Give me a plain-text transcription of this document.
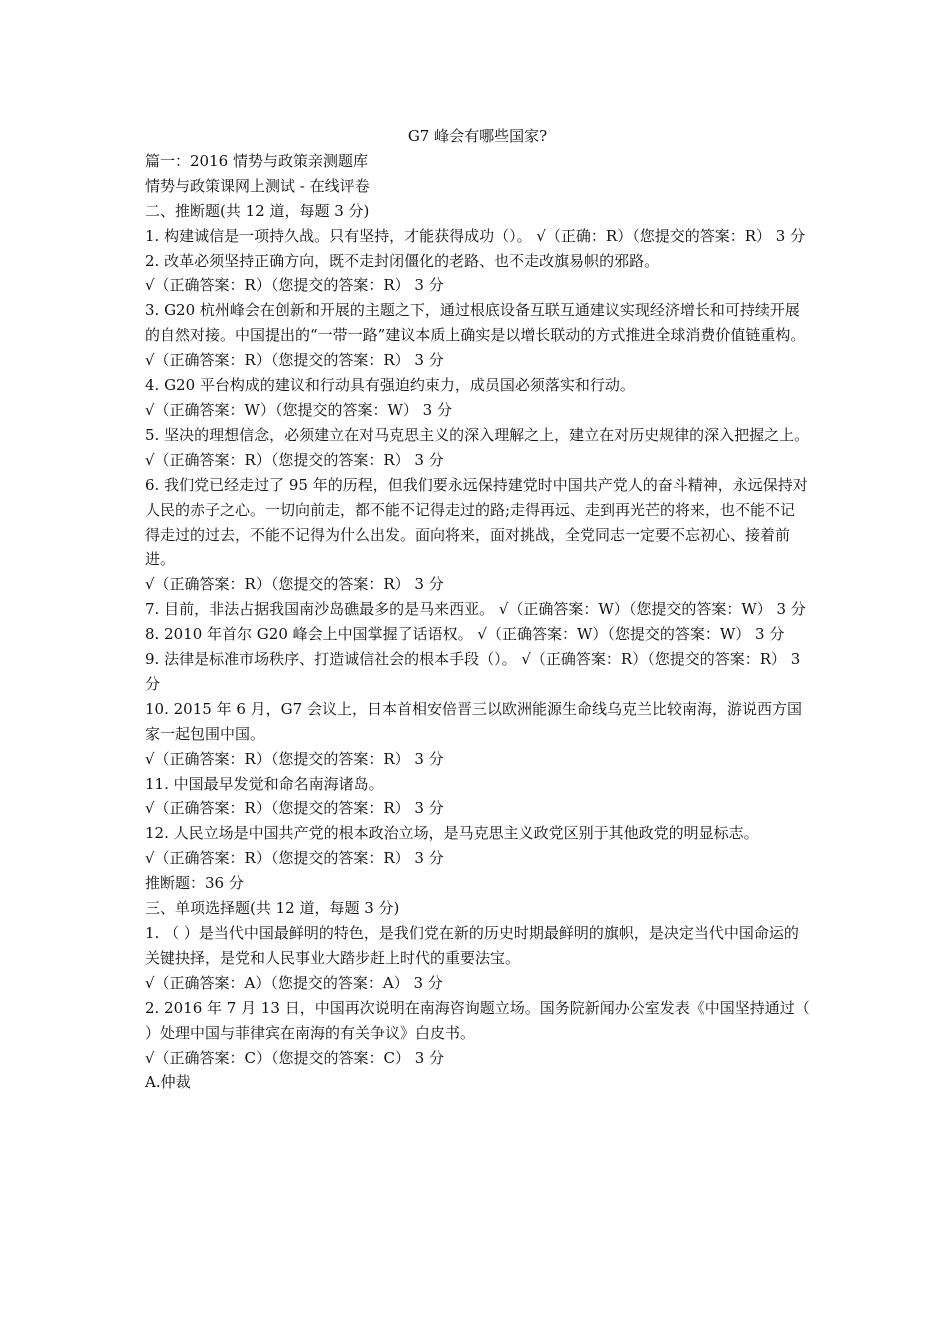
G7 峰会有哪些国家?

篇一：2016 情势与政策亲测题库

情势与政策课网上测试 - 在线评卷

二、推断题(共 12 道，每题 3 分)

1. 构建诚信是一项持久战。只有坚持，才能获得成功（）。 √（正确：R）（您提交的答案：R） 3 分

2. 改革必须坚持正确方向，既不走封闭僵化的老路、也不走改旗易帜的邪路。

√（正确答案：R）（您提交的答案：R） 3 分

3. G20 杭州峰会在创新和开展的主题之下，通过根底设备互联互通建议实现经济增长和可持续开展的自然对接。中国提出的“一带一路”建议本质上确实是以增长联动的方式推进全球消费价值链重构。 √（正确答案：R）（您提交的答案：R） 3 分

4. G20 平台构成的建议和行动具有强迫约束力，成员国必须落实和行动。

√（正确答案：W）（您提交的答案：W） 3 分

5. 坚决的理想信念，必须建立在对马克思主义的深入理解之上，建立在对历史规律的深入把握之上。

√（正确答案：R）（您提交的答案：R） 3 分

6. 我们党已经走过了 95 年的历程，但我们要永远保持建党时中国共产党人的奋斗精神，永远保持对人民的赤子之心。一切向前走，都不能不记得走过的路;走得再远、走到再光芒的将来，也不能不记得走过的过去，不能不记得为什么出发。面向将来，面对挑战，全党同志一定要不忘初心、接着前进。

√（正确答案：R）（您提交的答案：R） 3 分

7. 目前，非法占据我国南沙岛礁最多的是马来西亚。 √（正确答案：W）（您提交的答案：W） 3 分

8. 2010 年首尔 G20 峰会上中国掌握了话语权。 √（正确答案：W）（您提交的答案：W） 3 分

9. 法律是标准市场秩序、打造诚信社会的根本手段（）。 √（正确答案：R）（您提交的答案：R） 3 分

10. 2015 年 6 月，G7 会议上，日本首相安倍晋三以欧洲能源生命线乌克兰比较南海，游说西方国家一起包围中国。

√（正确答案：R）（您提交的答案：R） 3 分

11. 中国最早发觉和命名南海诸岛。

√（正确答案：R）（您提交的答案：R） 3 分

12. 人民立场是中国共产党的根本政治立场，是马克思主义政党区别于其他政党的明显标志。

√（正确答案：R）（您提交的答案：R） 3 分

推断题：36 分

三、单项选择题(共 12 道，每题 3 分)

1. （ ）是当代中国最鲜明的特色，是我们党在新的历史时期最鲜明的旗帜，是决定当代中国命运的关键抉择，是党和人民事业大踏步赶上时代的重要法宝。

√（正确答案：A）（您提交的答案：A） 3 分

2. 2016 年 7 月 13 日，中国再次说明在南海咨询题立场。国务院新闻办公室发表《中国坚持通过（ ）处理中国与菲律宾在南海的有关争议》白皮书。

√（正确答案：C）（您提交的答案：C） 3 分

A.仲裁
